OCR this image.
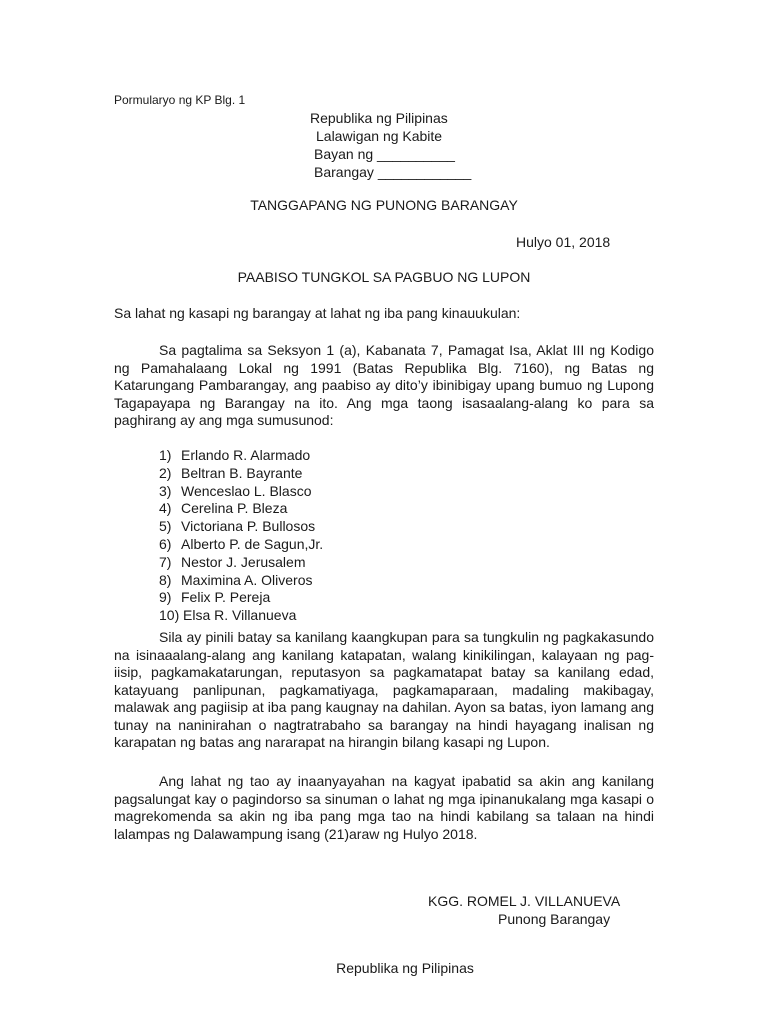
Pormularyo ng KP Blg. 1
Republika ng Pilipinas
Lalawigan ng Kabite
Bayan ng __________
Barangay ____________
TANGGAPANG NG PUNONG BARANGAY
Hulyo 01, 2018
PAABISO TUNGKOL SA PAGBUO NG LUPON
Sa lahat ng kasapi ng barangay at lahat ng iba pang kinauukulan:
Sa pagtalima sa Seksyon 1 (a), Kabanata 7, Pamagat Isa, Aklat III ng Kodigo ng Pamahalaang Lokal ng 1991 (Batas Republika Blg. 7160), ng Batas ng Katarungang Pambarangay, ang paabiso ay dito’y ibinibigay upang bumuo ng Lupong Tagapayapa ng Barangay na ito. Ang mga taong isasaalang-alang ko para sa paghirang ay ang mga sumusunod:
1) Erlando R. Alarmado
2) Beltran B. Bayrante
3) Wenceslao L. Blasco
4) Cerelina P. Bleza
5) Victoriana P. Bullosos
6) Alberto P. de Sagun,Jr.
7) Nestor J. Jerusalem
8) Maximina A. Oliveros
9) Felix P. Pereja
10) Elsa R. Villanueva
Sila ay pinili batay sa kanilang kaangkupan para sa tungkulin ng pagkakasundo na isinaaalang-alang ang kanilang katapatan, walang kinikilingan, kalayaan ng pag-iisip, pagkamakatarungan, reputasyon sa pagkamatapat batay sa kanilang edad, katayuang panlipunan, pagkamatiyaga, pagkamaparaan, madaling makibagay, malawak ang pagiisip at iba pang kaugnay na dahilan. Ayon sa batas, iyon lamang ang tunay na naninirahan o nagtratrabaho sa barangay na hindi hayagang inalisan ng karapatan ng batas ang nararapat na hirangin bilang kasapi ng Lupon.
Ang lahat ng tao ay inaanyayahan na kagyat ipabatid sa akin ang kanilang pagsalungat kay o pagindorso sa sinuman o lahat ng mga ipinanukalang mga kasapi o magrekomenda sa akin ng iba pang mga tao na hindi kabilang sa talaan na hindi lalampas ng Dalawampung isang (21)araw ng Hulyo 2018.
KGG. ROMEL J. VILLANUEVA
Punong Barangay
Republika ng Pilipinas
